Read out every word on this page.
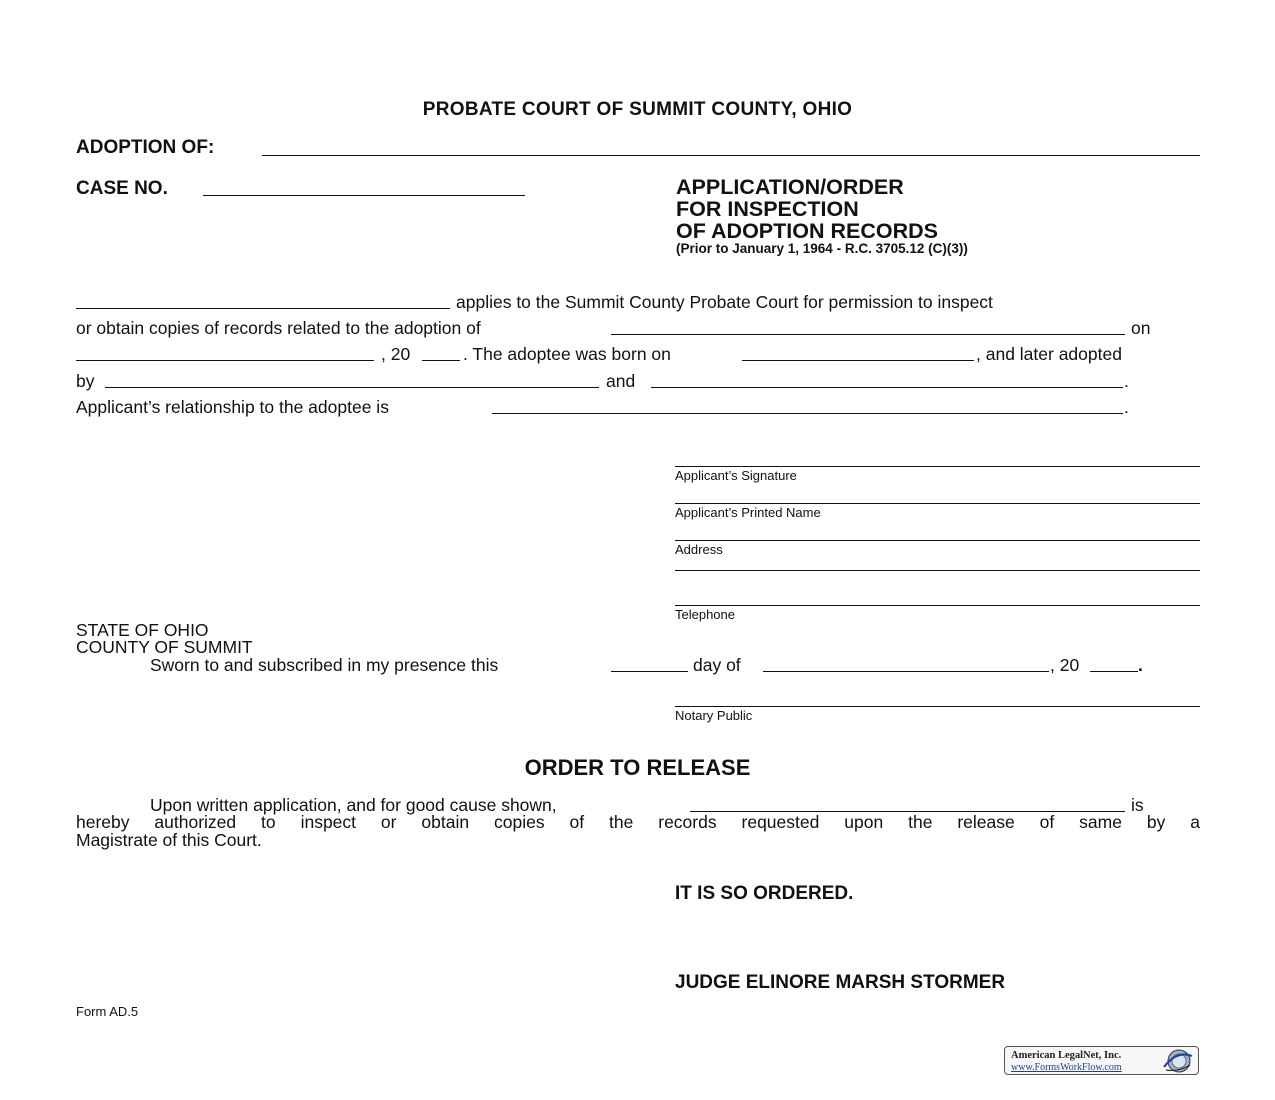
PROBATE COURT OF SUMMIT COUNTY, OHIO
ADOPTION OF:
CASE NO.	APPLICATION/ORDER
FOR INSPECTION
OF ADOPTION RECORDS
(Prior to January 1, 1964 - R.C. 3705.12 (C)(3))
applies to the Summit County Probate Court for permission to inspect
or obtain copies of records related to the adoption of	on
, 20	. The adoptee was born on	, and later adopted
by	and	.
Applicant’s relationship to the adoptee is	.
Applicant’s Signature
Applicant’s Printed Name
Address
Telephone
STATE OF OHIO
COUNTY OF SUMMIT
Sworn to and subscribed in my presence this	day of	, 20	.
Notary Public
ORDER TO RELEASE
Upon written application, and for good cause shown,	is
hereby authorized to inspect or obtain copies of the records requested upon the release of same by a
Magistrate of this Court.
IT IS SO ORDERED.
JUDGE ELINORE MARSH STORMER
Form AD.5
American LegalNet, Inc.
www.FormsWorkFlow.com
